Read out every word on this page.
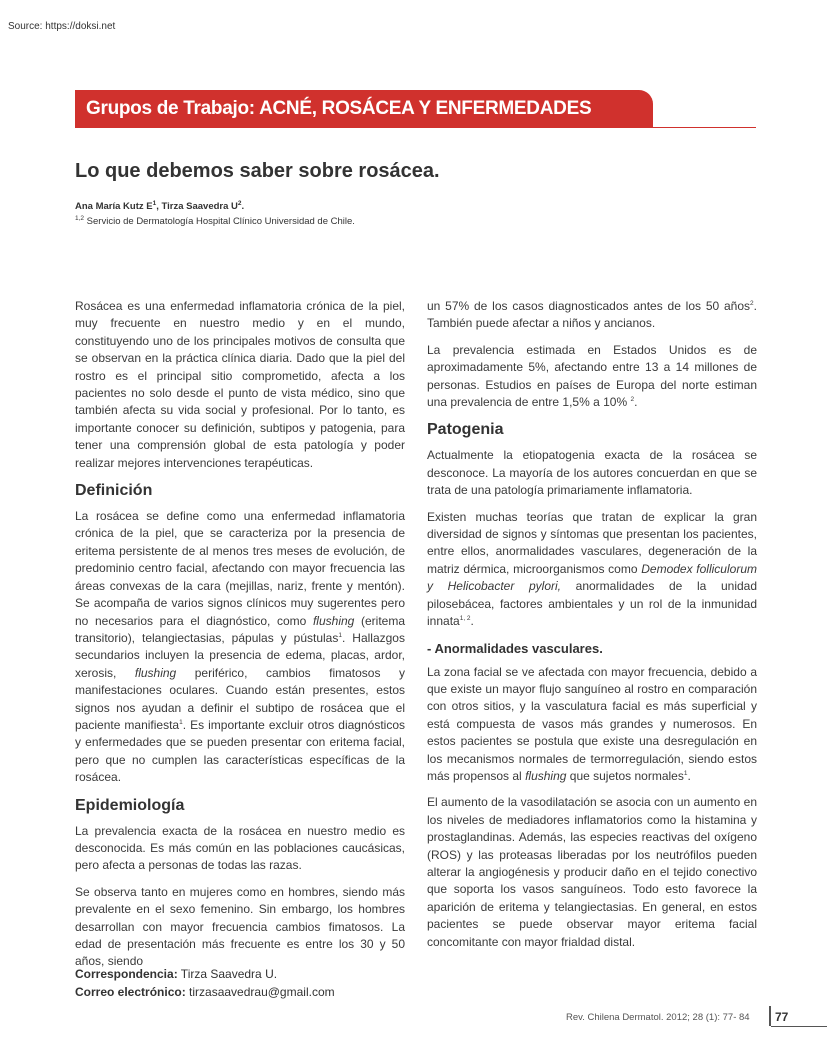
Source: https://doksi.net
Grupos de Trabajo: ACNÉ, ROSÁCEA Y ENFERMEDADES AFINES
Lo que debemos saber sobre rosácea.
Ana María Kutz $E^1$, Tirza Saavedra $U^2$.
$^{1,2}$ Servicio de Dermatología Hospital Clínico Universidad de Chile.

Rosácea es una enfermedad inflamatoria crónica de la piel, muy frecuente en nuestro medio y en el mundo, constituyendo uno de los principales motivos de consulta que se observan en la práctica clínica diaria. Dado que la piel del rostro es el principal sitio comprometido, afecta a los pacientes no solo desde el punto de vista médico, sino que también afecta su vida social y profesional. Por lo tanto, es importante conocer su definición, subtipos y patogenia, para tener una comprensión global de esta patología y poder realizar mejores intervenciones terapéuticas.

Definición

La rosácea se define como una enfermedad inflamatoria crónica de la piel, que se caracteriza por la presencia de eritema persistente de al menos tres meses de evolución, de predominio centro facial, afectando con mayor frecuencia las áreas convexas de la cara (mejillas, nariz, frente y mentón). Se acompaña de varios signos clínicos muy sugerentes pero no necesarios para el diagnóstico, como flushing (eritema transitorio), telangiectasias, pápulas y pústulas$^1$. Hallazgos secundarios incluyen la presencia de edema, placas, ardor, xerosis, flushing periférico, cambios fimatosos y manifestaciones oculares. Cuando están presentes, estos signos nos ayudan a definir el subtipo de rosácea que el paciente manifiesta$^1$. Es importante excluir otros diagnósticos y enfermedades que se pueden presentar con eritema facial, pero que no cumplen las características específicas de la rosácea.

Epidemiología

La prevalencia exacta de la rosácea en nuestro medio es desconocida. Es más común en las poblaciones caucásicas, pero afecta a personas de todas las razas.

Se observa tanto en mujeres como en hombres, siendo más prevalente en el sexo femenino. Sin embargo, los hombres desarrollan con mayor frecuencia cambios fimatosos. La edad de presentación más frecuente es entre los 30 y 50 años, siendo

un 57% de los casos diagnosticados antes de los 50 años$^2$. También puede afectar a niños y ancianos.

La prevalencia estimada en Estados Unidos es de aproximadamente 5%, afectando entre 13 a 14 millones de personas. Estudios en países de Europa del norte estiman una prevalencia de entre 1,5% a 10% $^2$.

Patogenia

Actualmente la etiopatogenia exacta de la rosácea se desconoce. La mayoría de los autores concuerdan en que se trata de una patología primariamente inflamatoria.

Existen muchas teorías que tratan de explicar la gran diversidad de signos y síntomas que presentan los pacientes, entre ellos, anormalidades vasculares, degeneración de la matriz dérmica, microorganismos como Demodex folliculorum y Helicobacter pylori, anormalidades de la unidad pilosebácea, factores ambientales y un rol de la inmunidad innata$^{1, 2}$.

- Anormalidades vasculares.

La zona facial se ve afectada con mayor frecuencia, debido a que existe un mayor flujo sanguíneo al rostro en comparación con otros sitios, y la vasculatura facial es más superficial y está compuesta de vasos más grandes y numerosos. En estos pacientes se postula que existe una desregulación en los mecanismos normales de termorregulación, siendo estos más propensos al flushing que sujetos normales$^1$.

El aumento de la vasodilatación se asocia con un aumento en los niveles de mediadores inflamatorios como la histamina y prostaglandinas. Además, las especies reactivas del oxígeno (ROS) y las proteasas liberadas por los neutrófilos pueden alterar la angiogénesis y producir daño en el tejido conectivo que soporta los vasos sanguíneos. Todo esto favorece la aparición de eritema y telangiectasias. En general, en estos pacientes se puede observar mayor eritema facial concomitante con mayor frialdad distal.

Correspondencia: Tirza Saavedra U.
Correo electrónico: tirzasaavedrau@gmail.com
Rev. Chilena Dermatol. 2012; 28 (1): 77- 84 77
